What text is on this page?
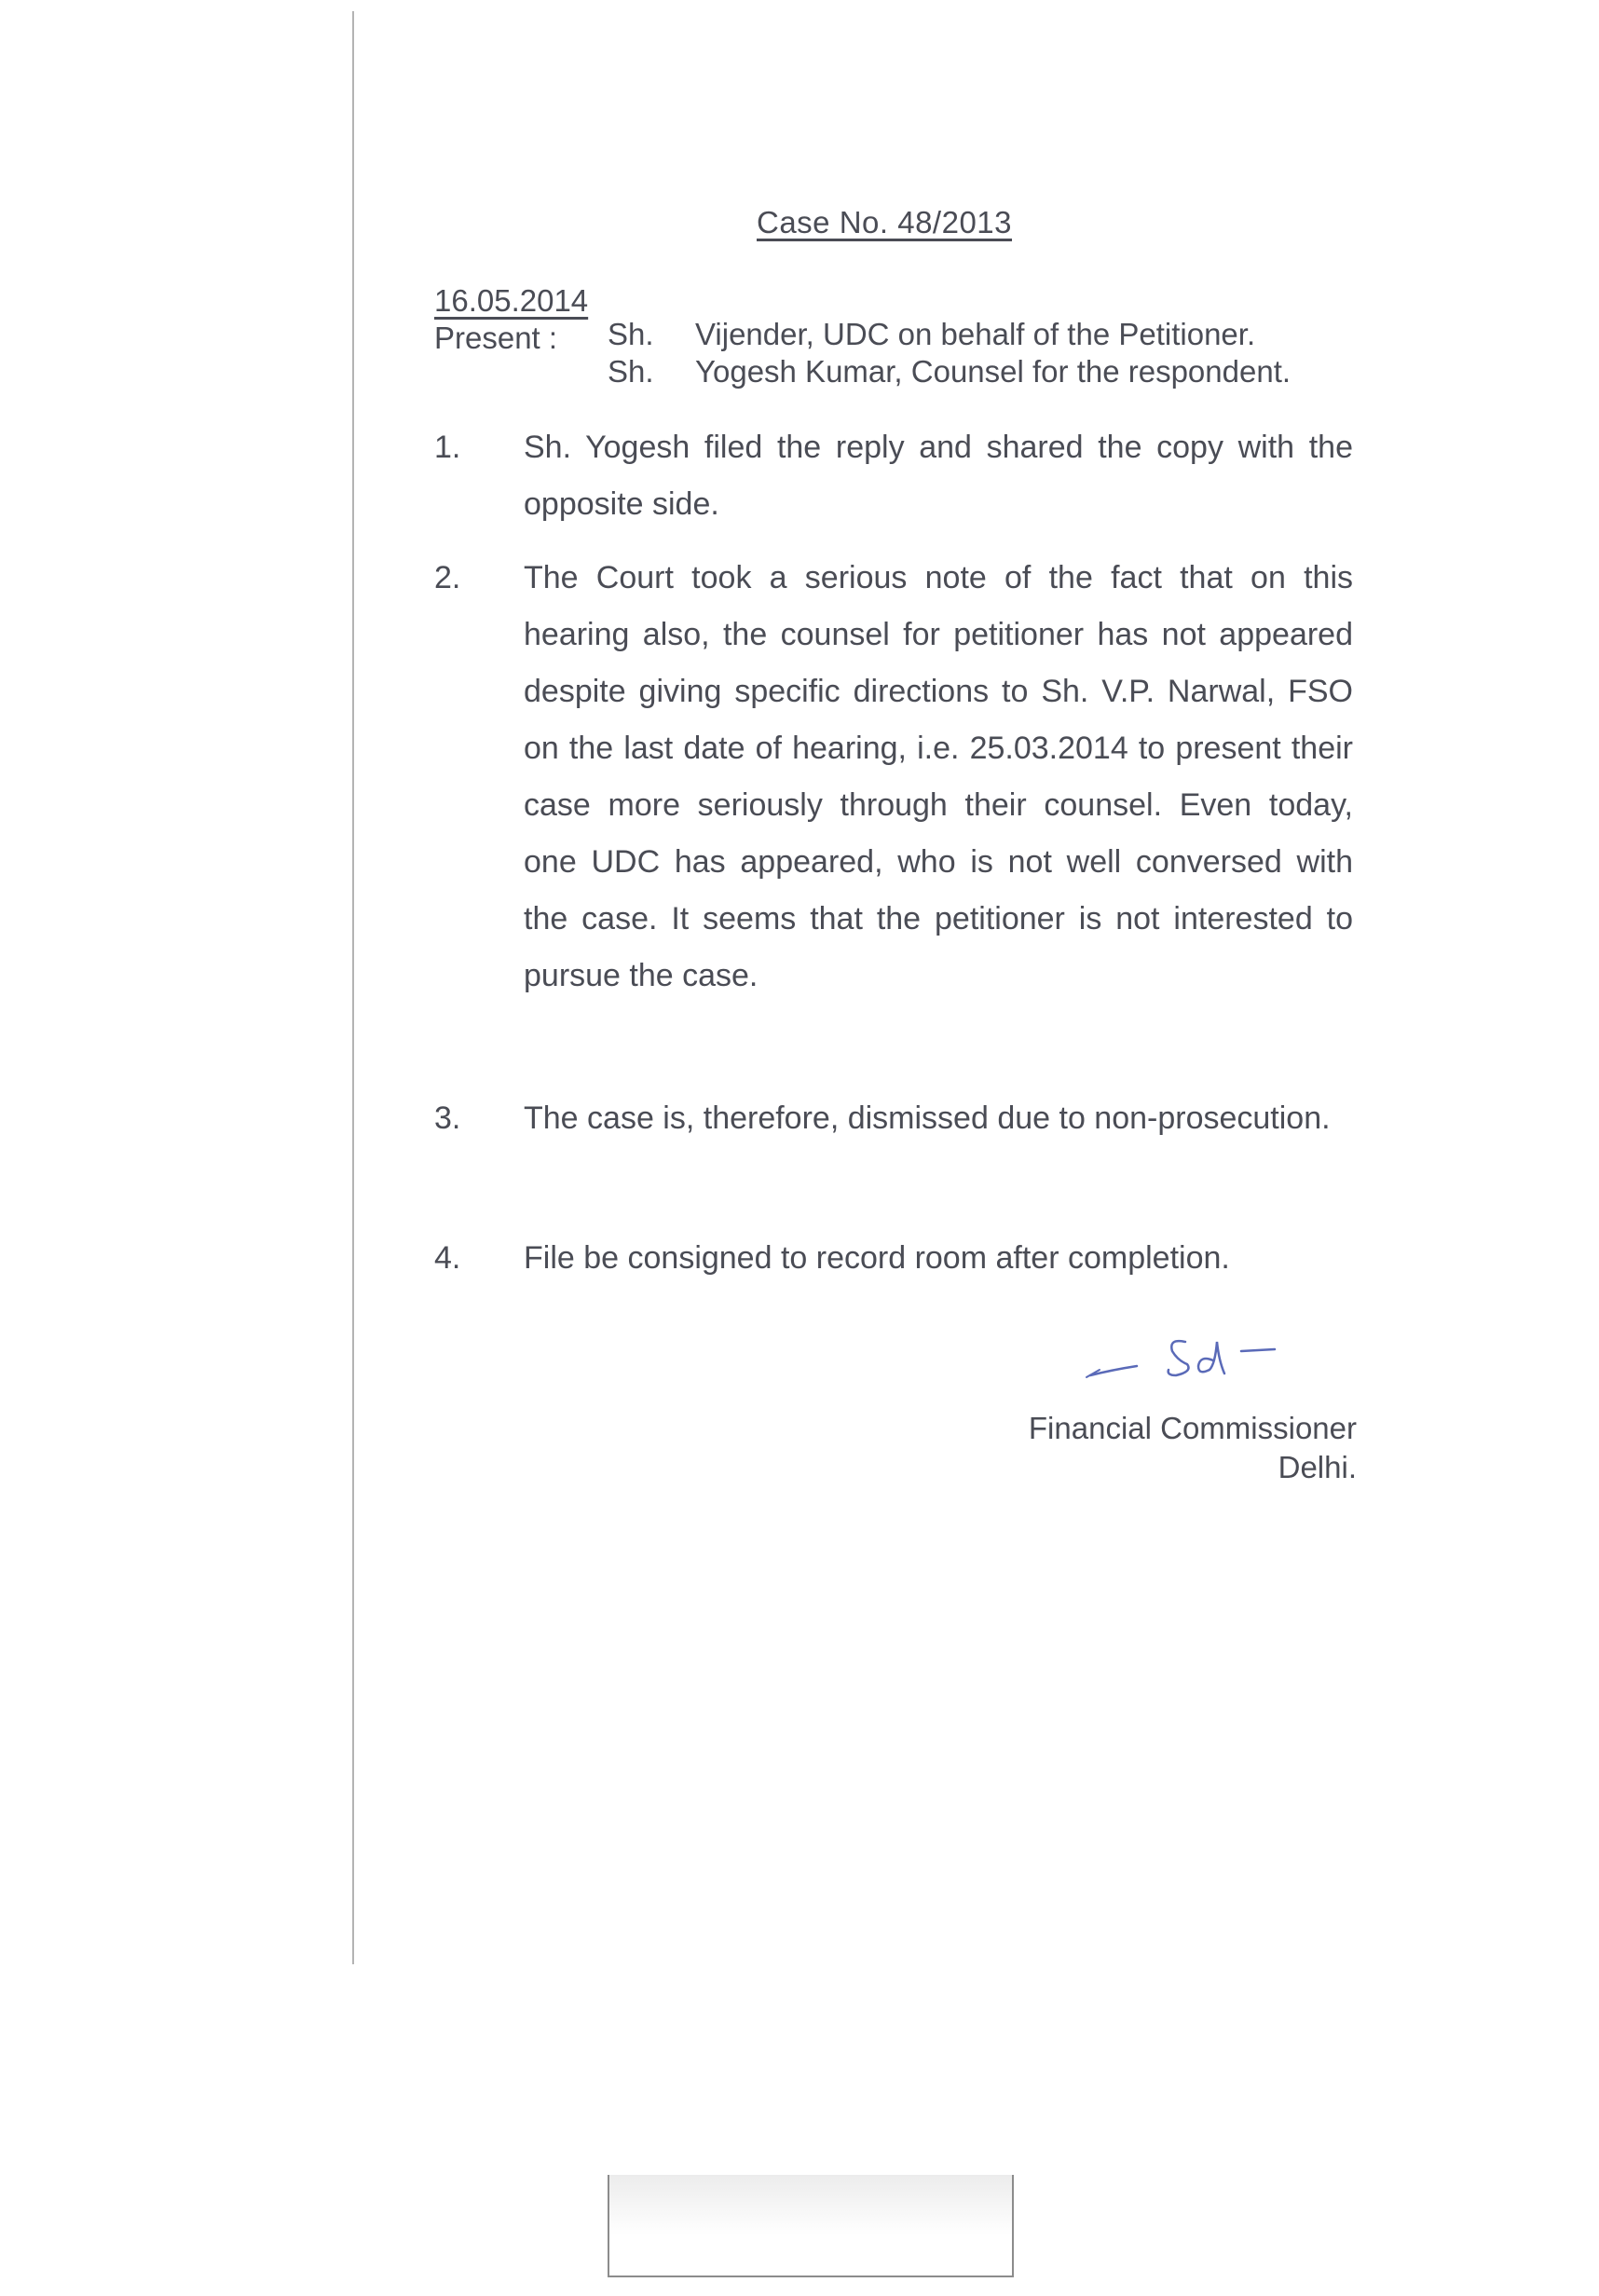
Case No. 48/2013
16.05.2014
Present : Sh. Vijender, UDC on behalf of the Petitioner.
Sh. Yogesh Kumar, Counsel for the respondent.
1. Sh. Yogesh filed the reply and shared the copy with the opposite side.
2. The Court took a serious note of the fact that on this hearing also, the counsel for petitioner has not appeared despite giving specific directions to Sh. V.P. Narwal, FSO on the last date of hearing, i.e. 25.03.2014 to present their case more seriously through their counsel. Even today, one UDC has appeared, who is not well conversed with the case. It seems that the petitioner is not interested to pursue the case.
3. The case is, therefore, dismissed due to non-prosecution.
4. File be consigned to record room after completion.
Financial Commissioner
Delhi.
